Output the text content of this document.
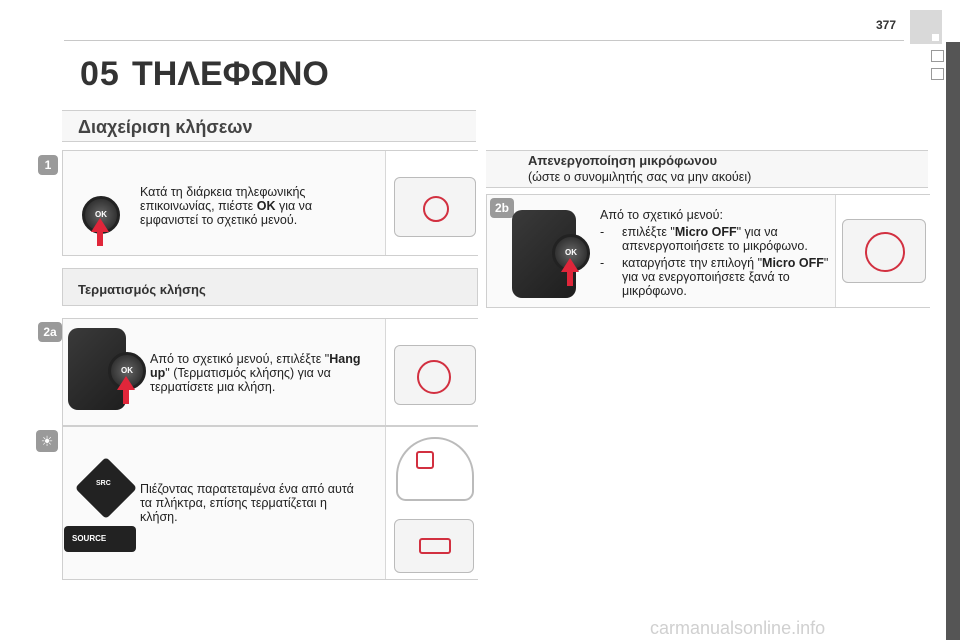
377
05 ΤΗΛΕΦΩΝΟ
Διαχείριση κλήσεων
1
OK
Κατά τη διάρκεια τηλεφωνικής επικοινωνίας, πιέστε OK για να εμφανιστεί το σχετικό μενού.
Τερματισμός κλήσης
2a
OK
Από το σχετικό μενού, επιλέξτε "Hang up" (Τερματισμός κλήσης) για να τερματίσετε μια κλήση.
☀
SRC
SOURCE
Πιέζοντας παρατεταμένα ένα από αυτά τα πλήκτρα, επίσης τερματίζεται η κλήση.
Απενεργοποίηση μικρόφωνου
(ώστε ο συνομιλητής σας να μην ακούει)
2b
OK
Από το σχετικό μενού:
-	επιλέξτε "Micro OFF" για να απενεργοποιήσετε το μικρόφωνο.
-	καταργήστε την επιλογή "Micro OFF" για να ενεργοποιήσετε ξανά το μικρόφωνο.
carmanualsonline.info
